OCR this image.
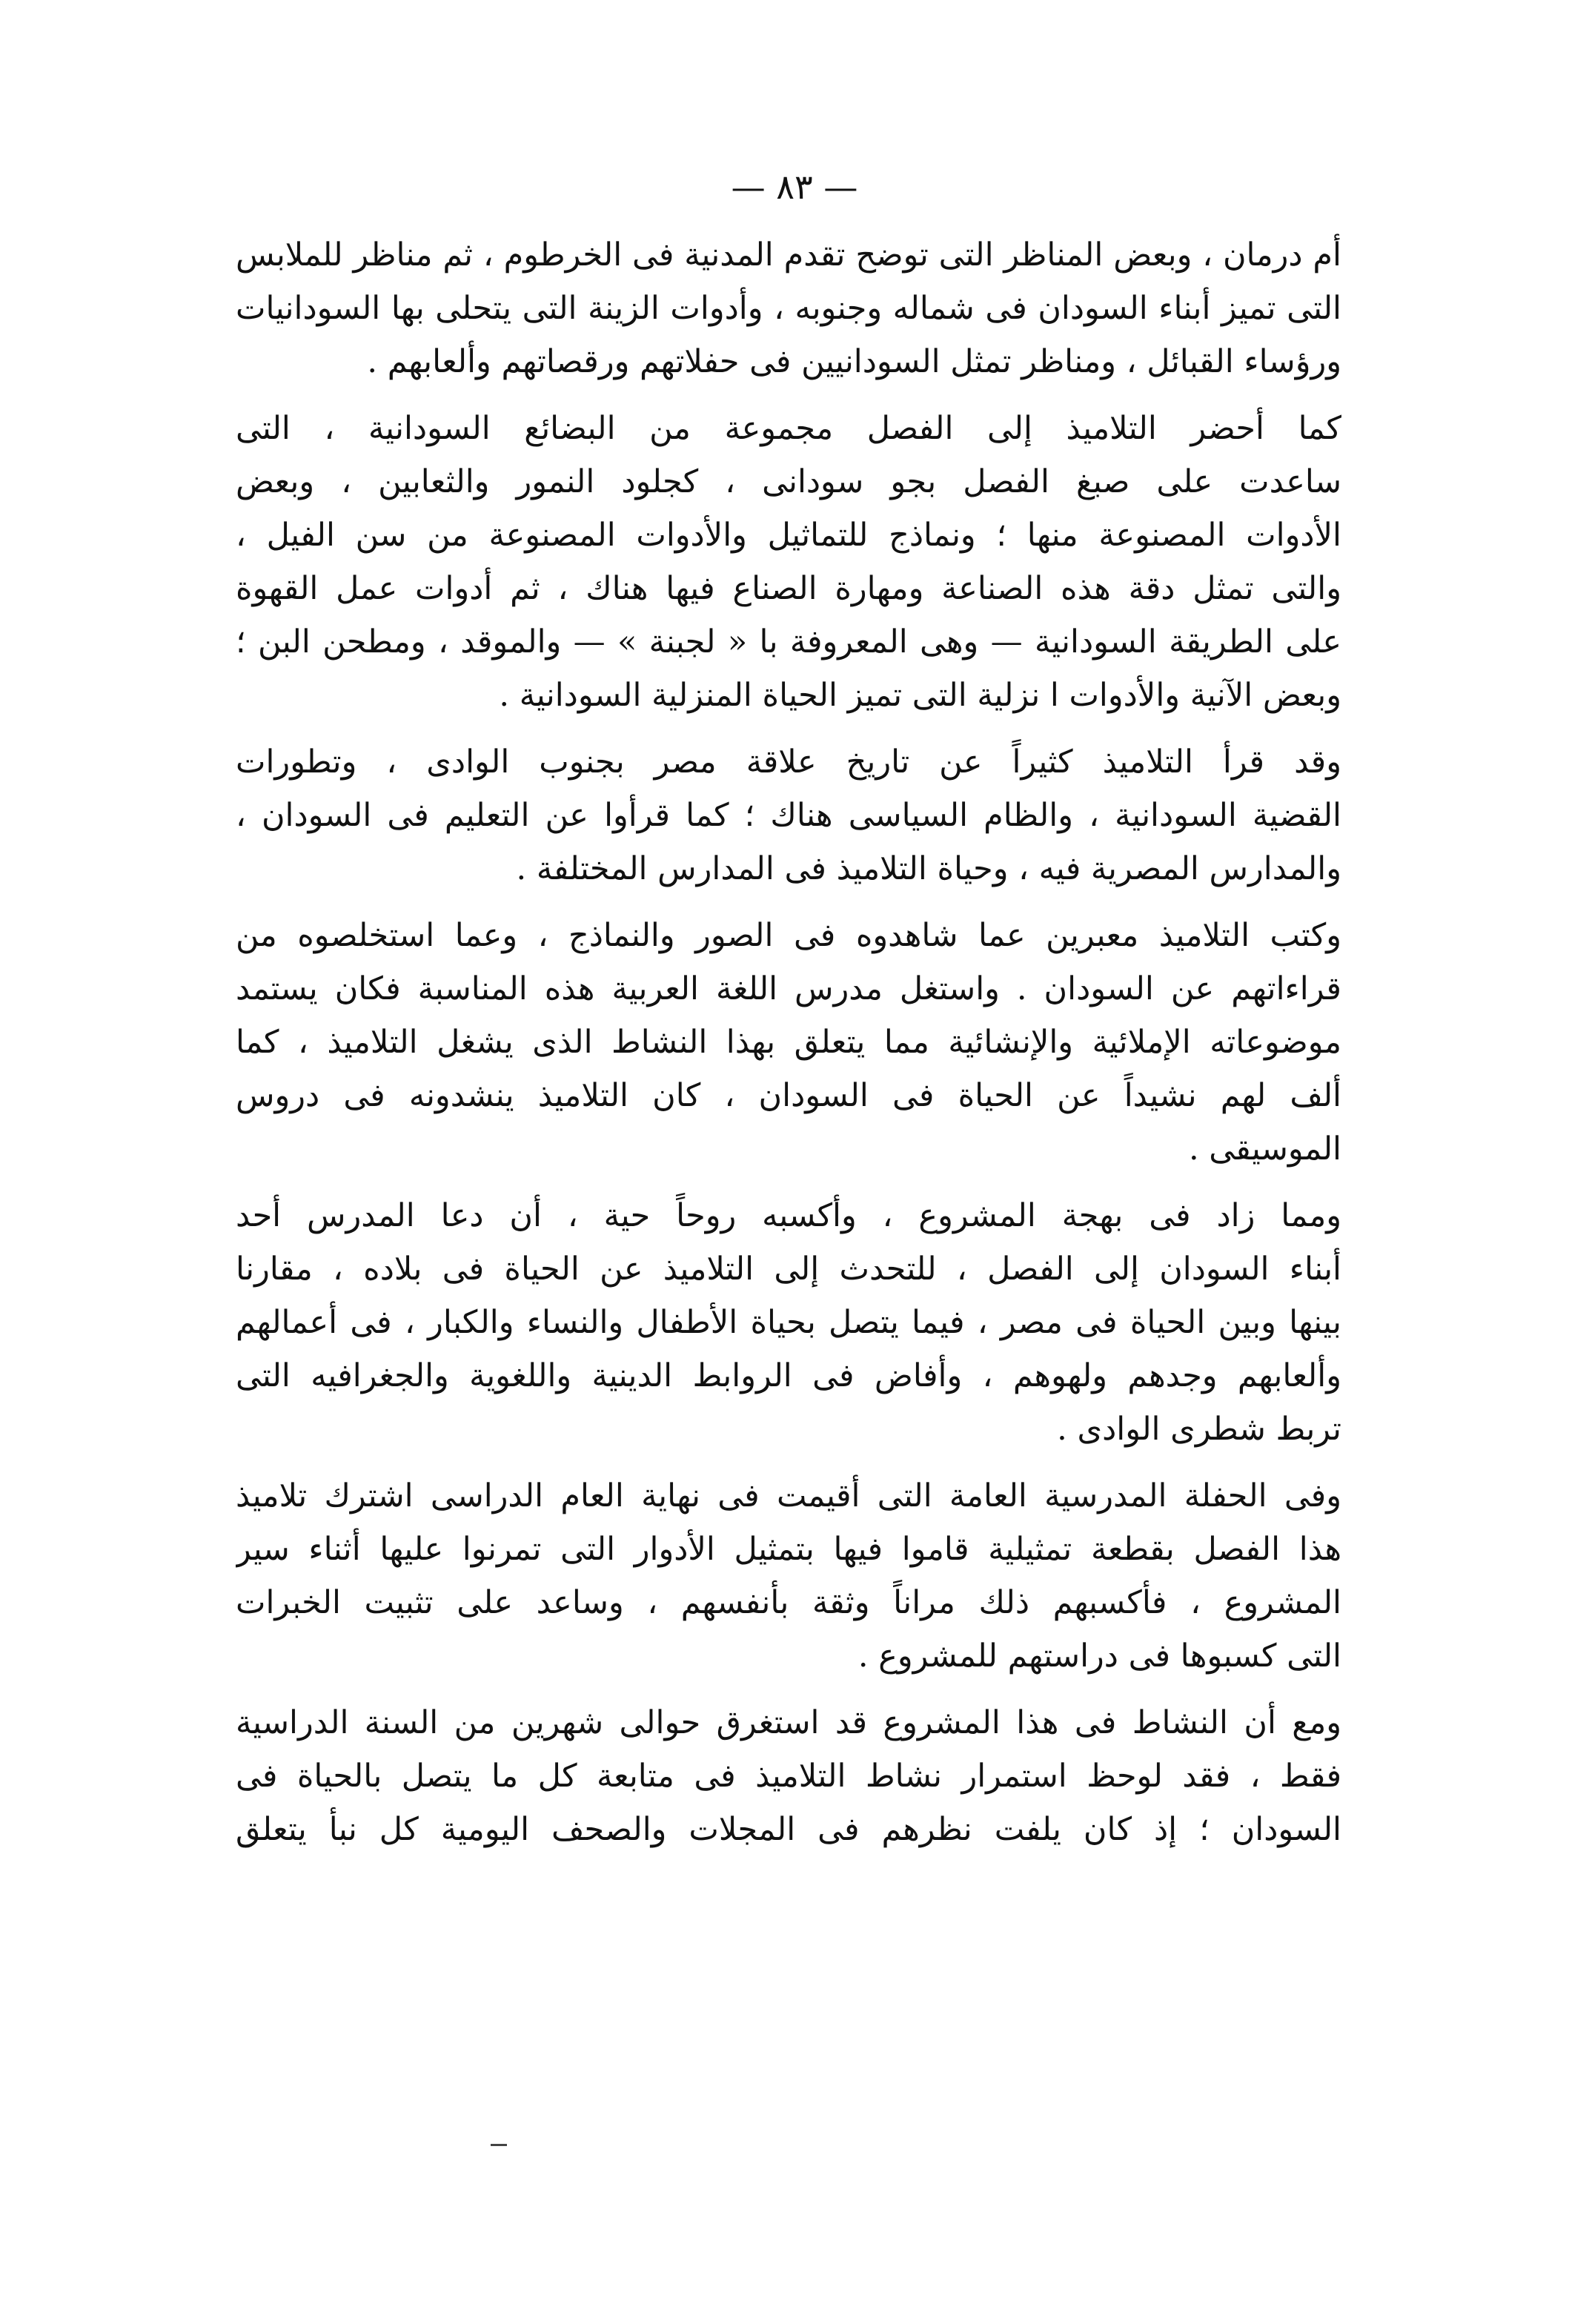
— ٨٣ —
أم درمان ، وبعض المناظر التى توضح تقدم المدنية فى الخرطوم ، ثم مناظر للملابس
التى تميز أبناء السودان فى شماله وجنوبه ، وأدوات الزينة التى يتحلى بها السودانيات
ورؤساء القبائل ، ومناظر تمثل السودانيين فى حفلاتهم ورقصاتهم وألعابهم .
كما أحضر التلاميذ إلى الفصل مجموعة من البضائع السودانية ، التى
ساعدت على صبغ الفصل بجو سودانى ، كجلود النمور والثعابين ، وبعض
الأدوات المصنوعة منها ؛ ونماذج للتماثيل والأدوات المصنوعة من سن الفيل ،
والتى تمثل دقة هذه الصناعة ومهارة الصناع فيها هناك ، ثم أدوات عمل القهوة
على الطريقة السودانية — وهى المعروفة با « لجبنة » — والموقد ، ومطحن البن ؛
وبعض الآنية والأدوات ا نزلية التى تميز الحياة المنزلية السودانية .
وقد قرأ التلاميذ كثيراً عن تاريخ علاقة مصر بجنوب الوادى ، وتطورات
القضية السودانية ، والظام السياسى هناك ؛ كما قرأوا عن التعليم فى السودان ،
والمدارس المصرية فيه ، وحياة التلاميذ فى المدارس المختلفة .
وكتب التلاميذ معبرين عما شاهدوه فى الصور والنماذج ، وعما استخلصوه من
قراءاتهم عن السودان . واستغل مدرس اللغة العربية هذه المناسبة فكان يستمد
موضوعاته الإملائية والإنشائية مما يتعلق بهذا النشاط الذى يشغل التلاميذ ، كما
ألف لهم نشيداً عن الحياة فى السودان ، كان التلاميذ ينشدونه فى دروس
الموسيقى .
ومما زاد فى بهجة المشروع ، وأكسبه روحاً حية ، أن دعا المدرس أحد
أبناء السودان إلى الفصل ، للتحدث إلى التلاميذ عن الحياة فى بلاده ، مقارنا
بينها وبين الحياة فى مصر ، فيما يتصل بحياة الأطفال والنساء والكبار ، فى أعمالهم
وألعابهم وجدهم ولهوهم ، وأفاض فى الروابط الدينية واللغوية والجغرافيه التى
تربط شطرى الوادى .
وفى الحفلة المدرسية العامة التى أقيمت فى نهاية العام الدراسى اشترك تلاميذ
هذا الفصل بقطعة تمثيلية قاموا فيها بتمثيل الأدوار التى تمرنوا عليها أثناء سير
المشروع ، فأكسبهم ذلك مراناً وثقة بأنفسهم ، وساعد على تثبيت الخبرات
التى كسبوها فى دراستهم للمشروع .
ومع أن النشاط فى هذا المشروع قد استغرق حوالى شهرين من السنة الدراسية
فقط ، فقد لوحظ استمرار نشاط التلاميذ فى متابعة كل ما يتصل بالحياة فى
السودان ؛ إذ كان يلفت نظرهم فى المجلات والصحف اليومية كل نبأ يتعلق
